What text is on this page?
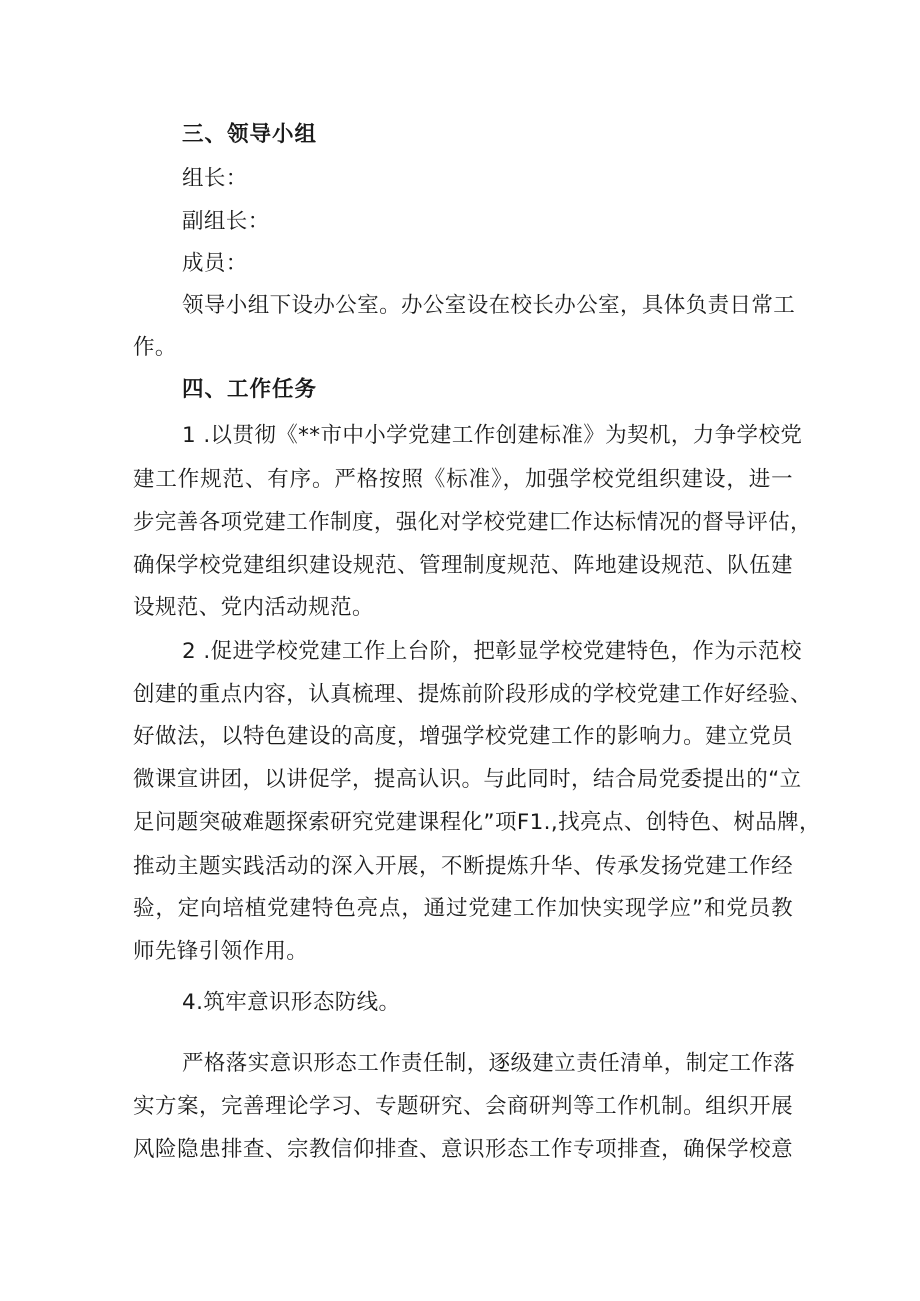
三、领导小组
组长：
副组长：
成员：
领导小组下设办公室。办公室设在校长办公室，具体负责日常工
作。
四、工作任务
1 .以贯彻《**市中小学党建工作创建标准》为契机，力争学校党
建工作规范、有序。严格按照《标准》，加强学校党组织建设，进一
步完善各项党建工作制度，强化对学校党建匚作达标情况的督导评估，
确保学校党建组织建设规范、管理制度规范、阵地建设规范、队伍建
设规范、党内活动规范。
2 .促进学校党建工作上台阶，把彰显学校党建特色，作为示范校
创建的重点内容，认真梳理、提炼前阶段形成的学校党建工作好经验、
好做法，以特色建设的高度，增强学校党建工作的影响力。建立党员
微课宣讲团，以讲促学，提高认识。与此同时，结合局党委提出的“立
足问题突破难题探索研究党建课程化”项F1.,找亮点、创特色、树品牌，
推动主题实践活动的深入开展，不断提炼升华、传承发扬党建工作经
验，定向培植党建特色亮点，通过党建工作加快实现学应”和党员教
师先锋引领作用。
4.筑牢意识形态防线。
严格落实意识形态工作责任制，逐级建立责任清单，制定工作落
实方案，完善理论学习、专题研究、会商研判等工作机制。组织开展
风险隐患排查、宗教信仰排查、意识形态工作专项排查，确保学校意
